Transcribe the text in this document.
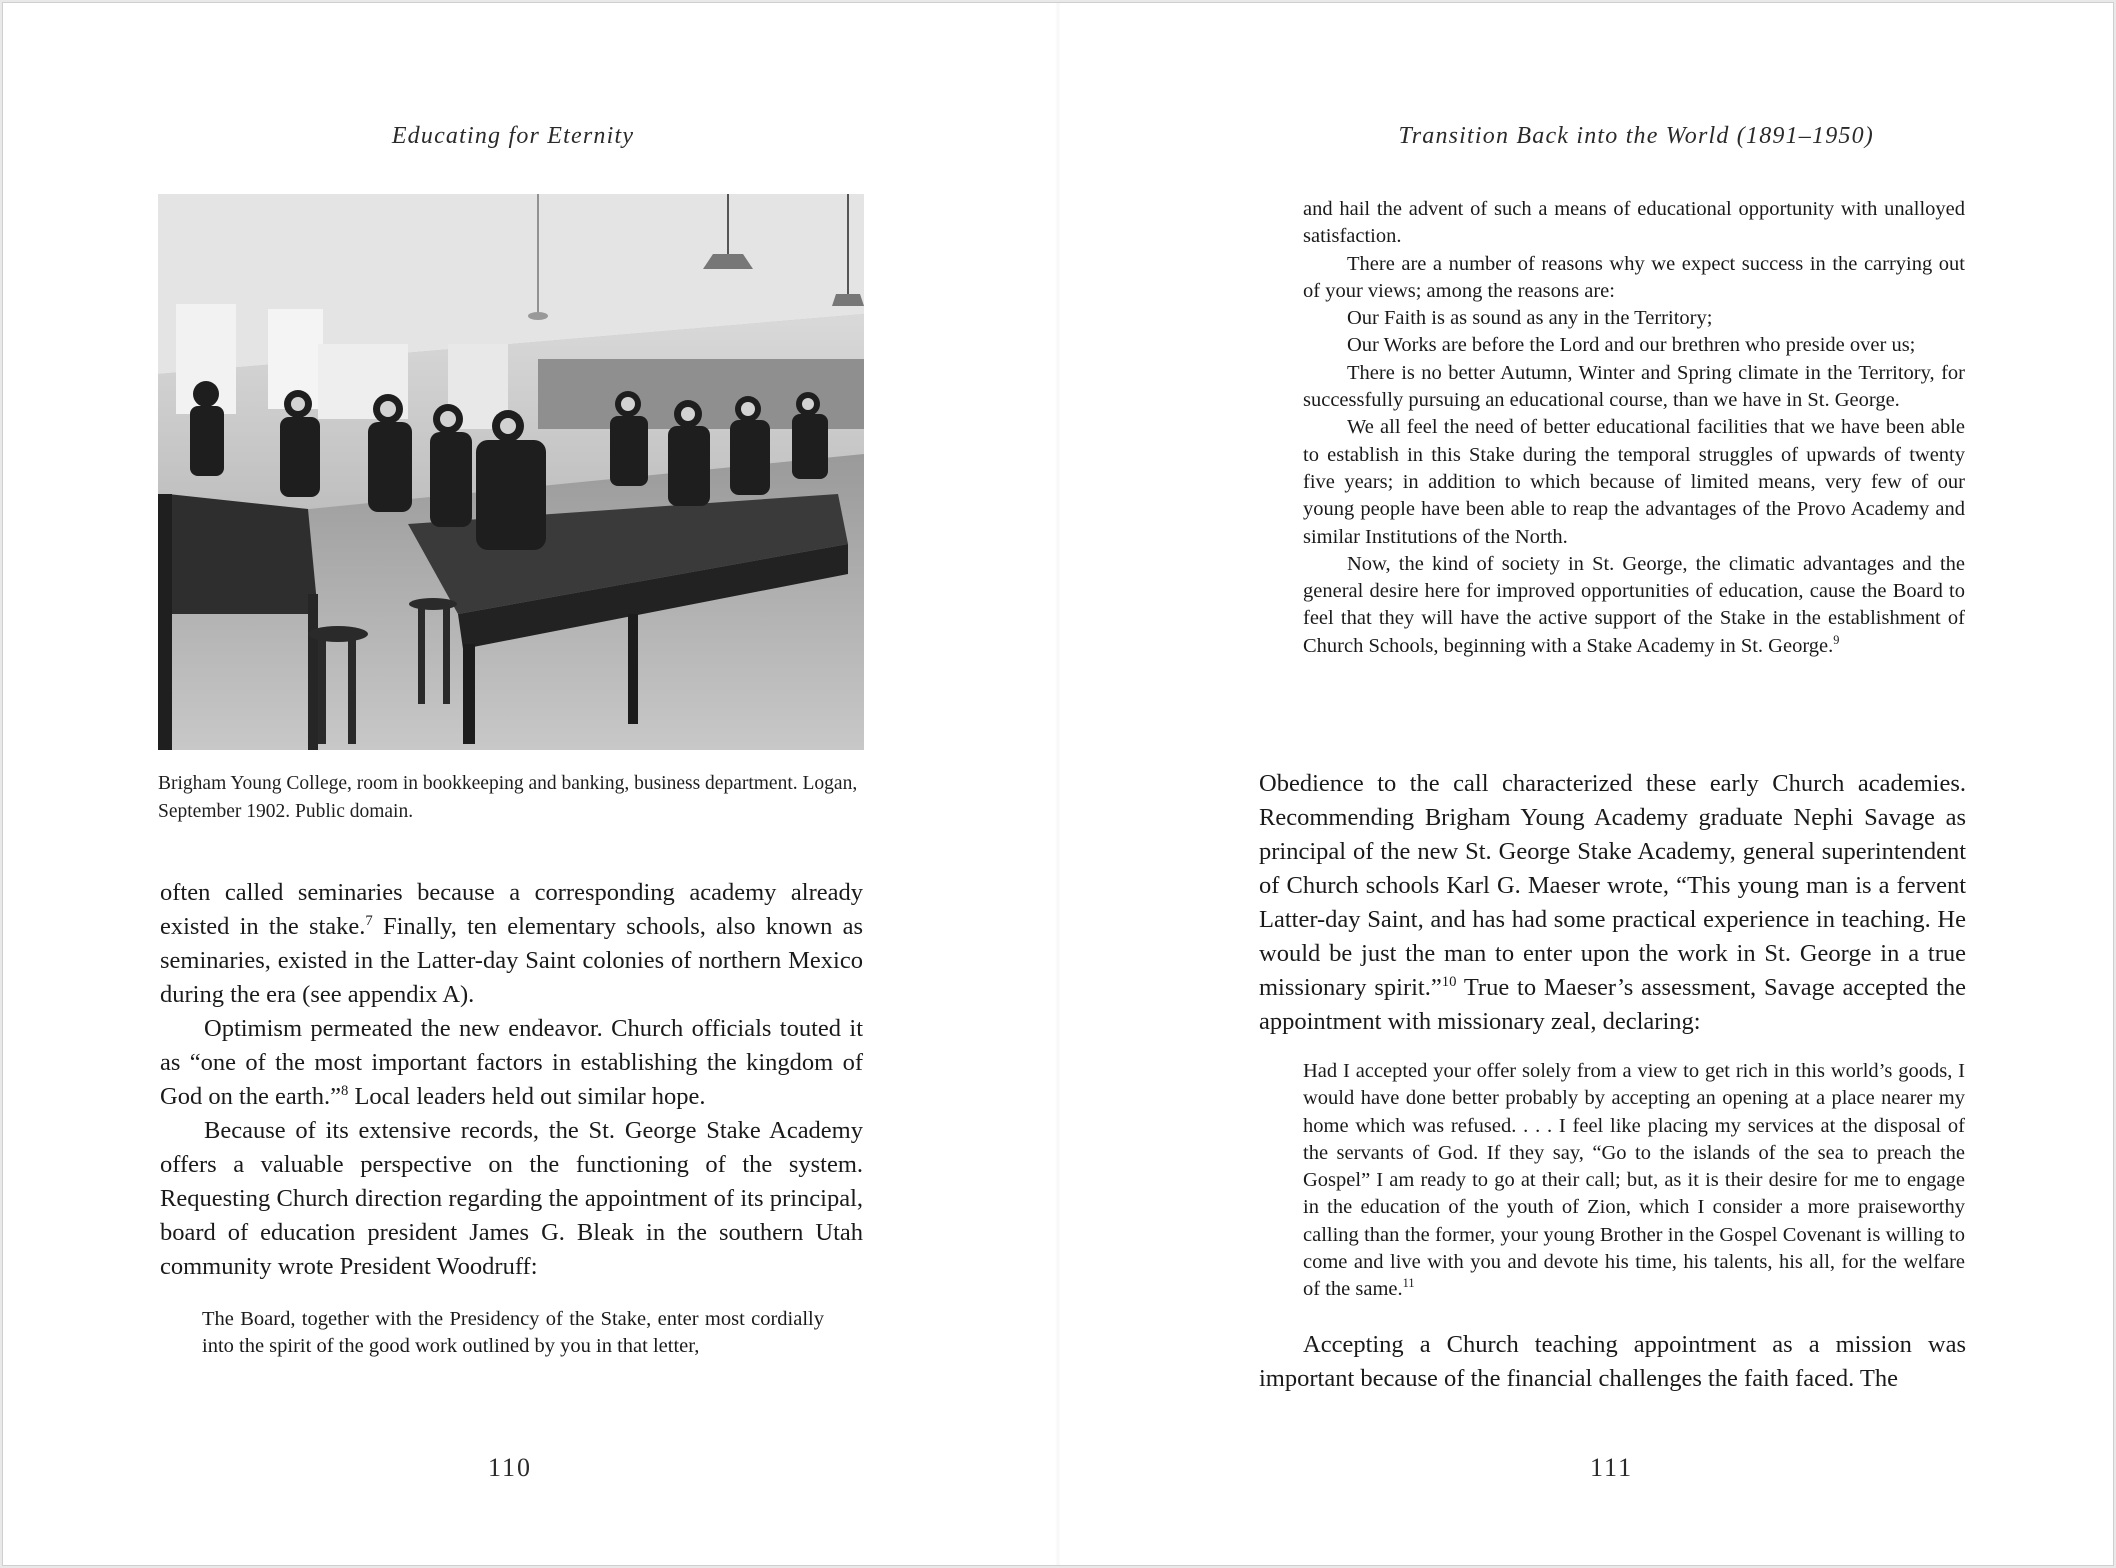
Educating for Eternity
Brigham Young College, room in bookkeeping and banking, business department. Logan, September 1902. Public domain.

often called seminaries because a corresponding academy already existed in the stake.$^7$ Finally, ten elementary schools, also known as seminaries, existed in the Latter-day Saint colonies of northern Mexico during the era (see appendix A).

Optimism permeated the new endeavor. Church officials touted it as “one of the most important factors in establishing the kingdom of God on the earth.”$^8$ Local leaders held out similar hope.

Because of its extensive records, the St. George Stake Academy offers a valuable perspective on the functioning of the system. Requesting Church direction regarding the appointment of its principal, board of education president James G. Bleak in the southern Utah community wrote President Woodruff:

The Board, together with the Presidency of the Stake, enter most cordially into the spirit of the good work outlined by you in that letter,

110
Transition Back into the World (1891–1950)

and hail the advent of such a means of educational opportunity with unalloyed satisfaction.

There are a number of reasons why we expect success in the carrying out of your views; among the reasons are:

Our Faith is as sound as any in the Territory;

Our Works are before the Lord and our brethren who preside over us;

There is no better Autumn, Winter and Spring climate in the Territory, for successfully pursuing an educational course, than we have in St. George.

We all feel the need of better educational facilities that we have been able to establish in this Stake during the temporal struggles of upwards of twenty five years; in addition to which because of limited means, very few of our young people have been able to reap the advantages of the Provo Academy and similar Institutions of the North.

Now, the kind of society in St. George, the climatic advantages and the general desire here for improved opportunities of education, cause the Board to feel that they will have the active support of the Stake in the establishment of Church Schools, beginning with a Stake Academy in St. George.$^9$

Obedience to the call characterized these early Church academies. Recommending Brigham Young Academy graduate Nephi Savage as principal of the new St. George Stake Academy, general superintendent of Church schools Karl G. Maeser wrote, “This young man is a fervent Latter-day Saint, and has had some practical experience in teaching. He would be just the man to enter upon the work in St. George in a true missionary spirit.”$^{10}$ True to Maeser’s assessment, Savage accepted the appointment with missionary zeal, declaring:

Had I accepted your offer solely from a view to get rich in this world’s goods, I would have done better probably by accepting an opening at a place nearer my home which was refused. . . . I feel like placing my services at the disposal of the servants of God. If they say, “Go to the islands of the sea to preach the Gospel” I am ready to go at their call; but, as it is their desire for me to engage in the education of the youth of Zion, which I consider a more praiseworthy calling than the former, your young Brother in the Gospel Covenant is willing to come and live with you and devote his time, his talents, his all, for the welfare of the same.$^{11}$

Accepting a Church teaching appointment as a mission was important because of the financial challenges the faith faced. The

111
